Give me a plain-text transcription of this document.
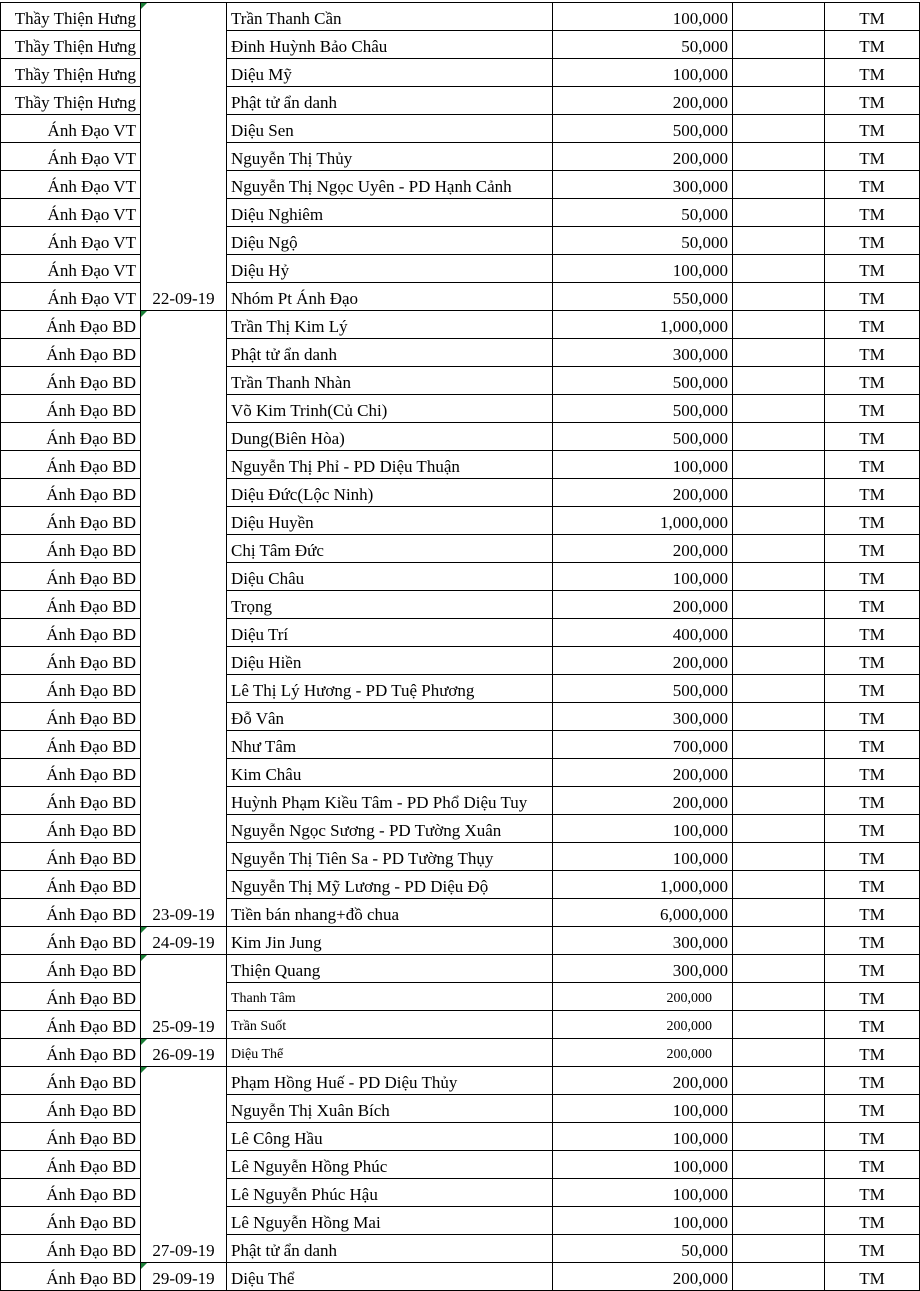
Thầy Thiện Hưng	22-09-19	Trần Thanh Cần	100,000		TM
Thầy Thiện Hưng		Đinh Huỳnh Bảo Châu	50,000		TM
Thầy Thiện Hưng		Diệu Mỹ	100,000		TM
Thầy Thiện Hưng		Phật tử ẩn danh	200,000		TM
Ánh Đạo VT		Diệu Sen	500,000		TM
Ánh Đạo VT		Nguyễn Thị Thủy	200,000		TM
Ánh Đạo VT		Nguyễn Thị Ngọc Uyên - PD Hạnh Cảnh	300,000		TM
Ánh Đạo VT		Diệu Nghiêm	50,000		TM
Ánh Đạo VT		Diệu Ngộ	50,000		TM
Ánh Đạo VT		Diệu Hỷ	100,000		TM
Ánh Đạo VT		Nhóm Pt Ánh Đạo	550,000		TM
Ánh Đạo BD	23-09-19	Trần Thị Kim Lý	1,000,000		TM
Ánh Đạo BD		Phật tử ẩn danh	300,000		TM
Ánh Đạo BD		Trần Thanh Nhàn	500,000		TM
Ánh Đạo BD		Võ Kim Trinh(Củ Chi)	500,000		TM
Ánh Đạo BD		Dung(Biên Hòa)	500,000		TM
Ánh Đạo BD		Nguyễn Thị Phỉ - PD Diệu Thuận	100,000		TM
Ánh Đạo BD		Diệu Đức(Lộc Ninh)	200,000		TM
Ánh Đạo BD		Diệu Huyền	1,000,000		TM
Ánh Đạo BD		Chị Tâm Đức	200,000		TM
Ánh Đạo BD		Diệu Châu	100,000		TM
Ánh Đạo BD		Trọng	200,000		TM
Ánh Đạo BD		Diệu Trí	400,000		TM
Ánh Đạo BD		Diệu Hiền	200,000		TM
Ánh Đạo BD		Lê Thị Lý Hương - PD Tuệ Phương	500,000		TM
Ánh Đạo BD		Đỗ Vân	300,000		TM
Ánh Đạo BD		Như Tâm	700,000		TM
Ánh Đạo BD		Kim Châu	200,000		TM
Ánh Đạo BD		Huỳnh Phạm Kiều Tâm - PD Phổ Diệu Tuy	200,000		TM
Ánh Đạo BD		Nguyễn Ngọc Sương - PD Tường Xuân	100,000		TM
Ánh Đạo BD		Nguyễn Thị Tiên Sa - PD Tường Thụy	100,000		TM
Ánh Đạo BD		Nguyễn Thị Mỹ Lương - PD Diệu Độ	1,000,000		TM
Ánh Đạo BD		Tiền bán nhang+đồ chua	6,000,000		TM
Ánh Đạo BD	24-09-19	Kim Jin Jung	300,000		TM
Ánh Đạo BD	25-09-19	Thiện Quang	300,000		TM
Ánh Đạo BD		Thanh Tâm	200,000		TM
Ánh Đạo BD		Trần Suốt	200,000		TM
Ánh Đạo BD	26-09-19	Diệu Thể	200,000		TM
Ánh Đạo BD	27-09-19	Phạm Hồng Huế - PD Diệu Thủy	200,000		TM
Ánh Đạo BD		Nguyễn Thị Xuân Bích	100,000		TM
Ánh Đạo BD		Lê Công Hầu	100,000		TM
Ánh Đạo BD		Lê Nguyễn Hồng Phúc	100,000		TM
Ánh Đạo BD		Lê Nguyễn Phúc Hậu	100,000		TM
Ánh Đạo BD		Lê Nguyễn Hồng Mai	100,000		TM
Ánh Đạo BD		Phật tử ẩn danh	50,000		TM
Ánh Đạo BD	29-09-19	Diệu Thể	200,000		TM
